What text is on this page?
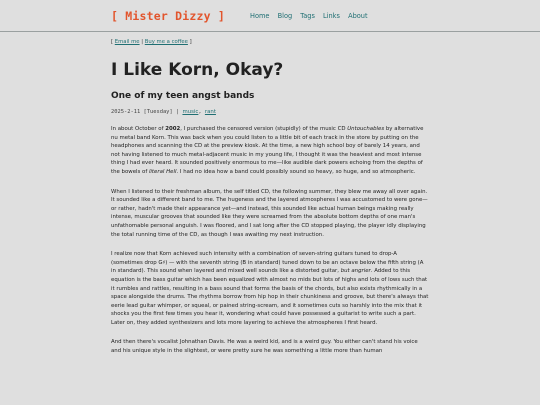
[ Mister Dizzy ]	Home Blog Tags Links About
[ Email me | Buy me a coffee ]
I Like Korn, Okay?
One of my teen angst bands
2025-2-11 [Tuesday] | music, rant

In about October of 2002, I purchased the censored version (stupidly) of the music CD Untouchables by alternative nu metal band Korn. This was back when you could listen to a little bit of each track in the store by putting on the headphones and scanning the CD at the preview kiosk. At the time, a new high school boy of barely 14 years, and not having listened to much metal-adjacent music in my young life, I thought it was the heaviest and most intense thing I had ever heard. It sounded positively enormous to me—like audible dark powers echoing from the depths of the bowels of literal Hell. I had no idea how a band could possibly sound so heavy, so huge, and so atmospheric.

When I listened to their freshman album, the self titled CD, the following summer, they blew me away all over again. It sounded like a different band to me. The hugeness and the layered atmospheres I was accustomed to were gone—or rather, hadn't made their appearance yet—and instead, this sounded like actual human beings making really intense, muscular grooves that sounded like they were screamed from the absolute bottom depths of one man's unfathomable personal anguish. I was floored, and I sat long after the CD stopped playing, the player idly displaying the total running time of the CD, as though I was awaiting my next instruction.

I realize now that Korn achieved such intensity with a combination of seven-string guitars tuned to drop-A (sometimes drop G♯) — with the seventh string (B in standard) tuned down to be an octave below the fifth string (A in standard). This sound when layered and mixed well sounds like a distorted guitar, but angrier. Added to this equation is the bass guitar which has been equalized with almost no mids but lots of highs and lots of lows such that it rumbles and rattles, resulting in a bass sound that forms the basis of the chords, but also exists rhythmically in a space alongside the drums. The rhythms borrow from hip hop in their chunkiness and groove, but there's always that eerie lead guitar whimper, or squeal, or pained string-scream, and it sometimes cuts so harshly into the mix that it shocks you the first few times you hear it, wondering what could have possessed a guitarist to write such a part. Later on, they added synthesizers and lots more layering to achieve the atmospheres I first heard.

And then there's vocalist Johnathan Davis. He was a weird kid, and is a weird guy. You either can't stand his voice and his unique style in the slightest, or were pretty sure he was something a little more than human
